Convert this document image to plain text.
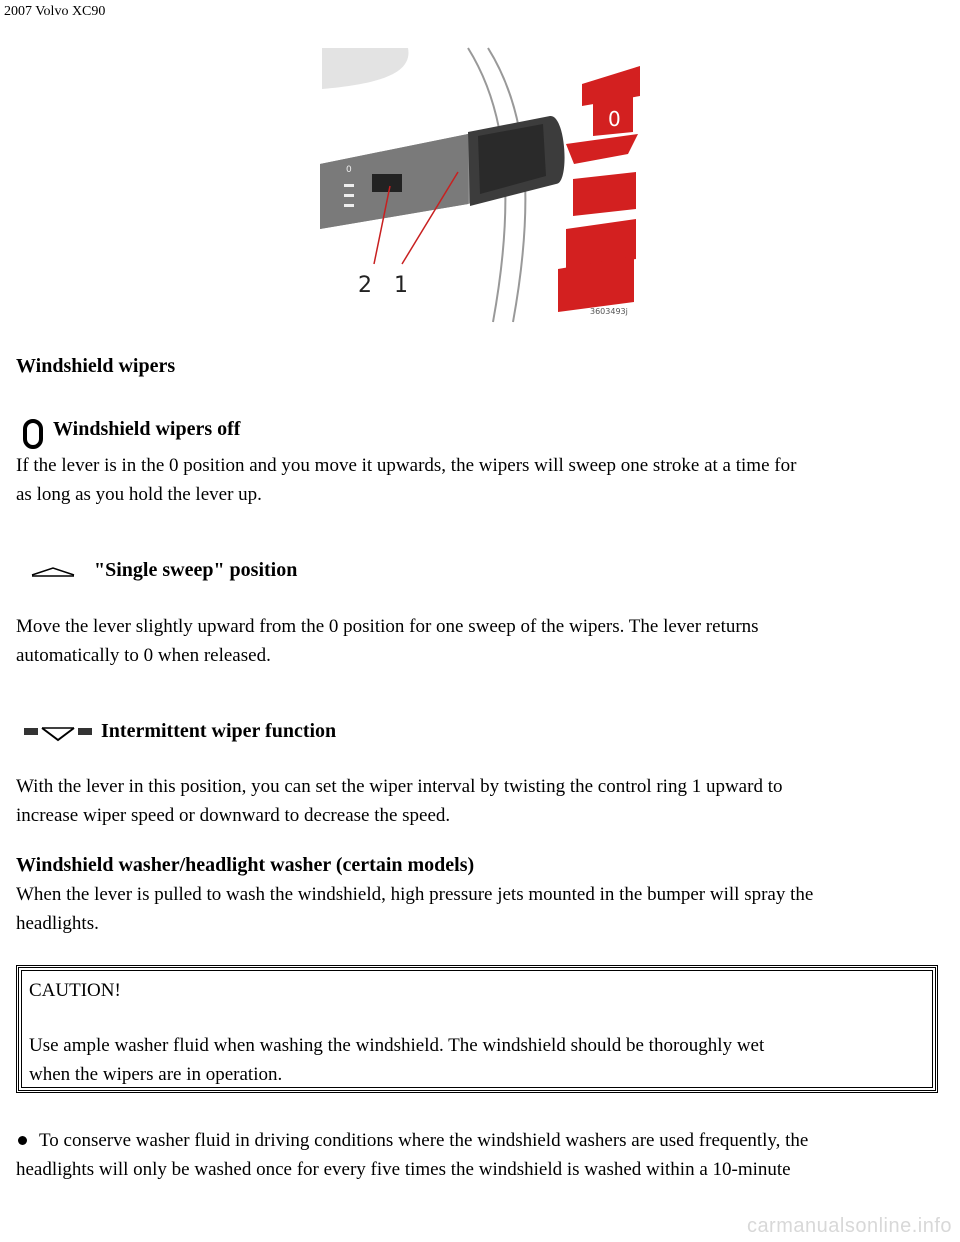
2007 Volvo XC90
0
2 1
0
3603493j
Windshield wipers
Windshield wipers off
If the lever is in the 0 position and you move it upwards, the wipers will sweep one stroke at a time for
as long as you hold the lever up.
"Single sweep" position
Move the lever slightly upward from the 0 position for one sweep of the wipers. The lever returns
automatically to 0 when released.
Intermittent wiper function
With the lever in this position, you can set the wiper interval by twisting the control ring 1 upward to
increase wiper speed or downward to decrease the speed.
Windshield washer/headlight washer (certain models)
When the lever is pulled to wash the windshield, high pressure jets mounted in the bumper will spray the
headlights.
CAUTION!
Use ample washer fluid when washing the windshield. The windshield should be thoroughly wet
when the wipers are in operation.
To conserve washer fluid in driving conditions where the windshield washers are used frequently, the
headlights will only be washed once for every five times the windshield is washed within a 10-minute
carmanualsonline.info
